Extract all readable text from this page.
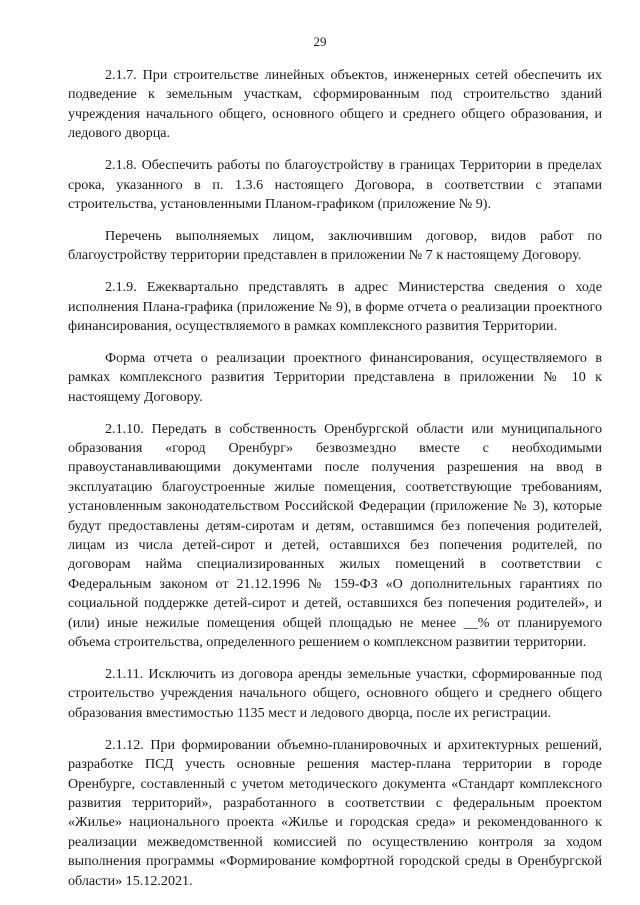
29

2.1.7. При строительстве линейных объектов, инженерных сетей обеспечить их подведение к земельным участкам, сформированным под строительство зданий учреждения начального общего, основного общего и среднего общего образования, и ледового дворца.

2.1.8. Обеспечить работы по благоустройству в границах Территории в пределах срока, указанного в п. 1.3.6 настоящего Договора, в соответствии с этапами строительства, установленными Планом-графиком (приложение № 9).

Перечень выполняемых лицом, заключившим договор, видов работ по благоустройству территории представлен в приложении № 7 к настоящему Договору.

2.1.9. Ежеквартально представлять в адрес Министерства сведения о ходе исполнения Плана-графика (приложение № 9), в форме отчета о реализации проектного финансирования, осуществляемого в рамках комплексного развития Территории.

Форма отчета о реализации проектного финансирования, осуществляемого в рамках комплексного развития Территории представлена в приложении № 10 к настоящему Договору.

2.1.10. Передать в собственность Оренбургской области или муниципального образования «город Оренбург» безвозмездно вместе с необходимыми правоустанавливающими документами после получения разрешения на ввод в эксплуатацию благоустроенные жилые помещения, соответствующие требованиям, установленным законодательством Российской Федерации (приложение № 3), которые будут предоставлены детям-сиротам и детям, оставшимся без попечения родителей, лицам из числа детей-сирот и детей, оставшихся без попечения родителей, по договорам найма специализированных жилых помещений в соответствии с Федеральным законом от 21.12.1996 № 159-ФЗ «О дополнительных гарантиях по социальной поддержке детей-сирот и детей, оставшихся без попечения родителей», и (или) иные нежилые помещения общей площадью не менее __% от планируемого объема строительства, определенного решением о комплексном развитии территории.

2.1.11. Исключить из договора аренды земельные участки, сформированные под строительство учреждения начального общего, основного общего и среднего общего образования вместимостью 1135 мест и ледового дворца, после их регистрации.

2.1.12. При формировании объемно-планировочных и архитектурных решений, разработке ПСД учесть основные решения мастер-плана территории в городе Оренбурге, составленный с учетом методического документа «Стандарт комплексного развития территорий», разработанного в соответствии с федеральным проектом «Жилье» национального проекта «Жилье и городская среда» и рекомендованного к реализации межведомственной комиссией по осуществлению контроля за ходом выполнения программы «Формирование комфортной городской среды в Оренбургской области» 15.12.2021.
